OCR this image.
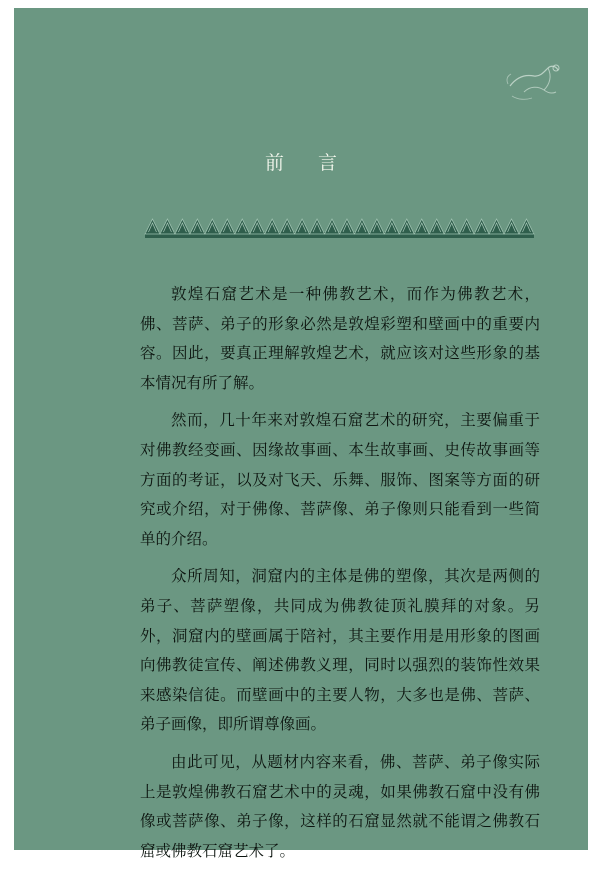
前 言

敦煌石窟艺术是一种佛教艺术，而作为佛教艺术，佛、菩萨、弟子的形象必然是敦煌彩塑和壁画中的重要内容。因此，要真正理解敦煌艺术，就应该对这些形象的基本情况有所了解。

然而，几十年来对敦煌石窟艺术的研究，主要偏重于对佛教经变画、因缘故事画、本生故事画、史传故事画等方面的考证，以及对飞天、乐舞、服饰、图案等方面的研究或介绍，对于佛像、菩萨像、弟子像则只能看到一些简单的介绍。

众所周知，洞窟内的主体是佛的塑像，其次是两侧的弟子、菩萨塑像，共同成为佛教徒顶礼膜拜的对象。另外，洞窟内的壁画属于陪衬，其主要作用是用形象的图画向佛教徒宣传、阐述佛教义理，同时以强烈的装饰性效果来感染信徒。而壁画中的主要人物，大多也是佛、菩萨、弟子画像，即所谓尊像画。

由此可见，从题材内容来看，佛、菩萨、弟子像实际上是敦煌佛教石窟艺术中的灵魂，如果佛教石窟中没有佛像或菩萨像、弟子像，这样的石窟显然就不能谓之佛教石窟或佛教石窟艺术了。
